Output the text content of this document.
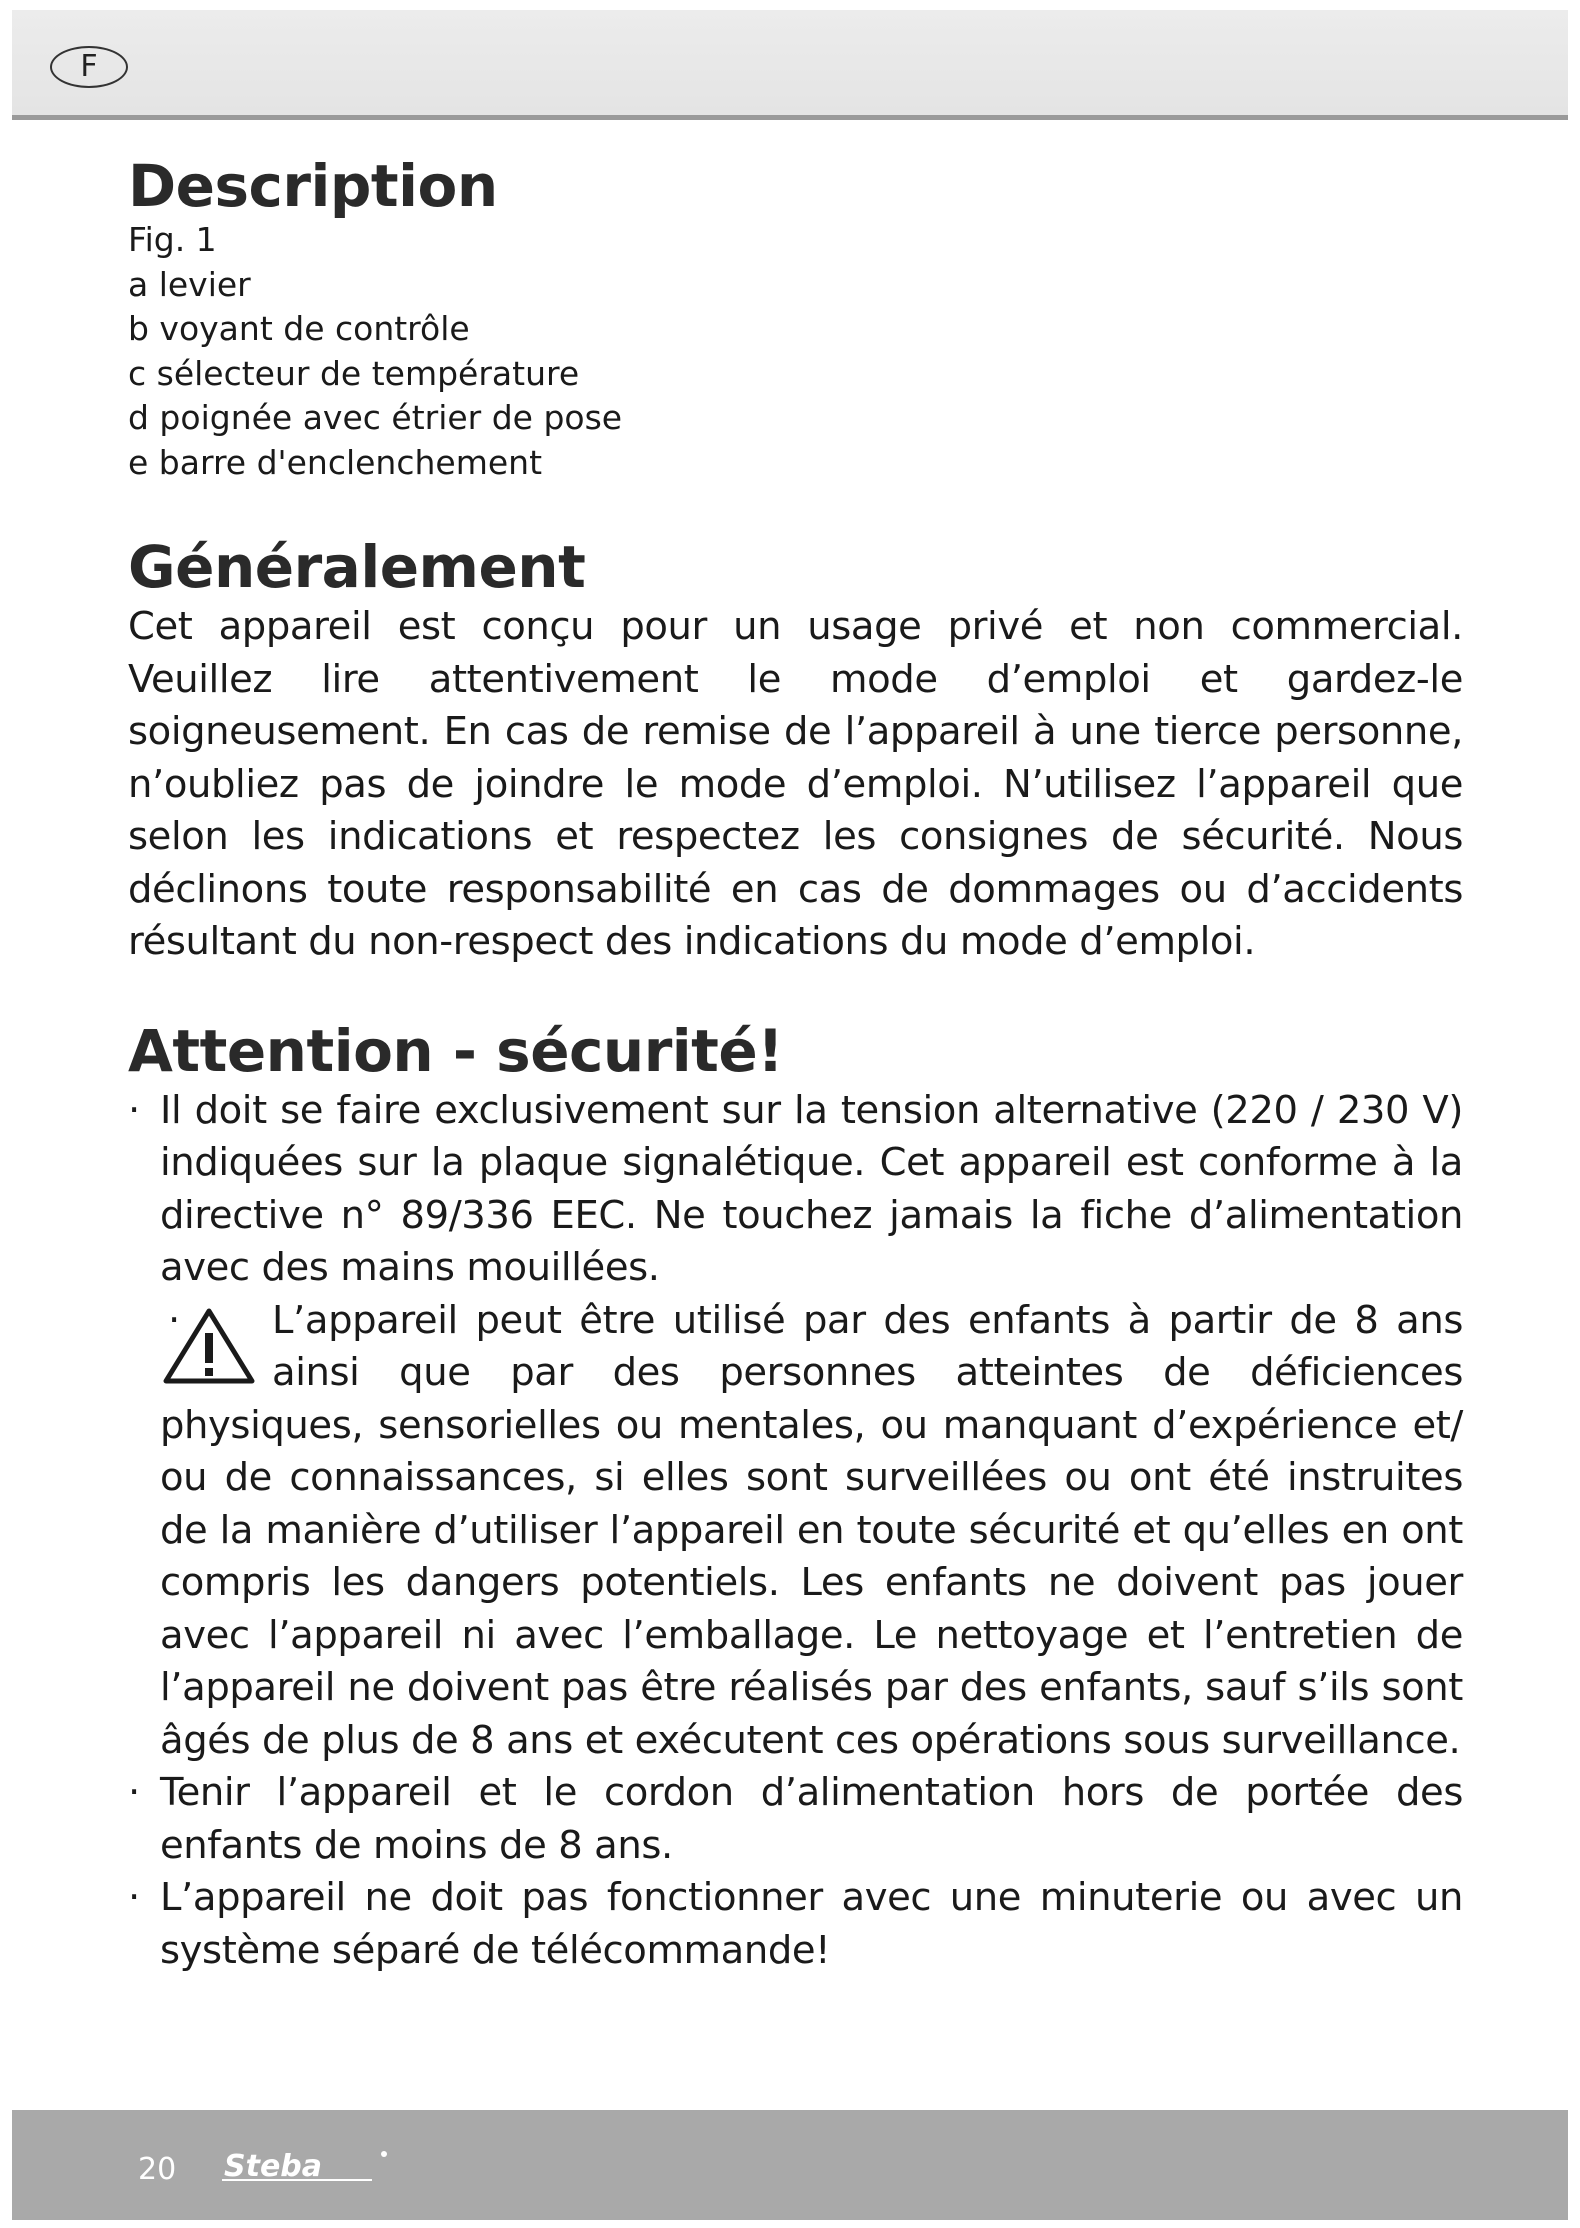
F
Description
Fig. 1
a levier
b voyant de contrôle
c sélecteur de température
d poignée avec étrier de pose
e barre d'enclenchement
Généralement

Cet appareil est conçu pour un usage privé et non commercial. Veuillez lire attentivement le mode d’emploi et gardez-le soigneusement. En cas de remise de l’appareil à une tierce personne, n’oubliez pas de joindre le mode d’emploi. N’utilisez l’appareil que selon les indications et respectez les consignes de sécurité. Nous déclinons toute responsabilité en cas de dommages ou d’accidents résultant du non-respect des indications du mode d’emploi.

Attention - sécurité!
· Il doit se faire exclusivement sur la tension alternative (220 / 230 V) indiquées sur la plaque signalétique. Cet appareil est conforme à la directive n° 89/336 EEC. Ne touchez jamais la fiche d’alimentation avec des mains mouillées.
· L’appareil peut être utilisé par des enfants à partir de 8 ans ainsi que par des personnes atteintes de déficiences physiques, sensorielles ou mentales, ou manquant d’expérience et/ ou de connaissances, si elles sont surveillées ou ont été instruites de la manière d’utiliser l’appareil en toute sécurité et qu’elles en ont compris les dangers potentiels. Les enfants ne doivent pas jouer avec l’appareil ni avec l’emballage. Le nettoyage et l’entretien de l’appareil ne doivent pas être réalisés par des enfants, sauf s’ils sont âgés de plus de 8 ans et exécutent ces opérations sous surveillance.
· Tenir l’appareil et le cordon d’alimentation hors de portée des enfants de moins de 8 ans.
· L’appareil ne doit pas fonctionner avec une minuterie ou avec un système séparé de télécommande!
20 Steba
